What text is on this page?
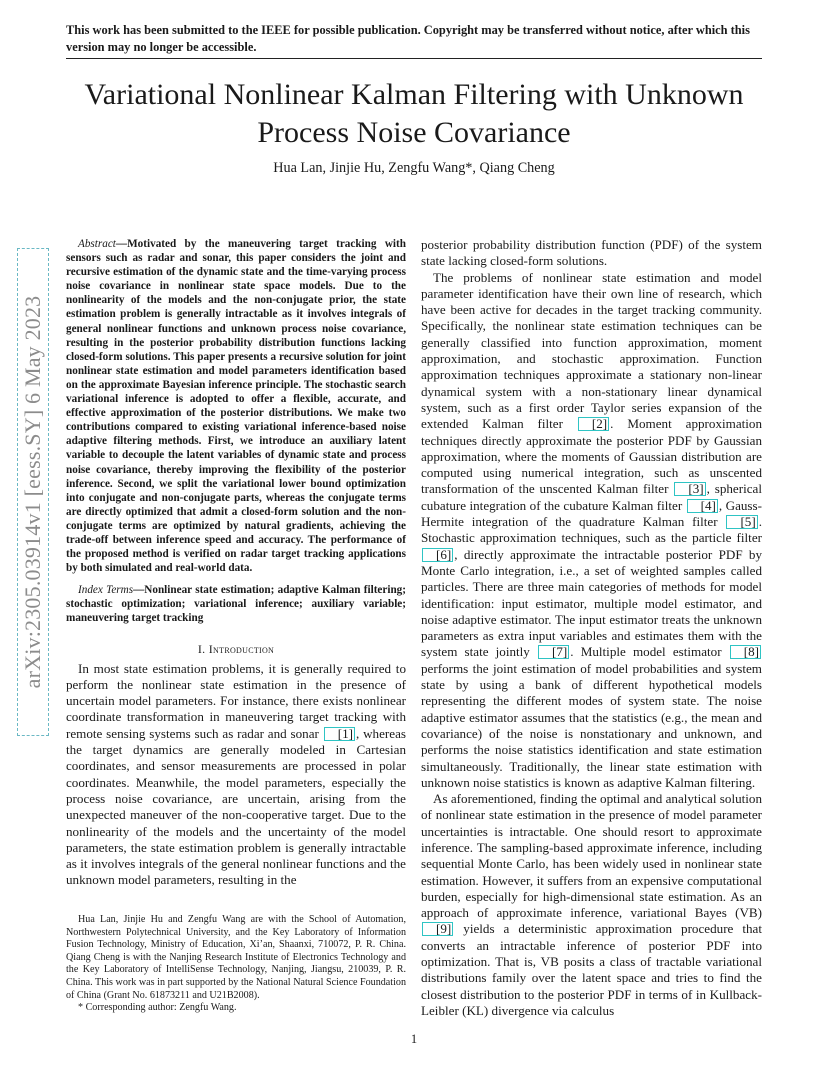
This work has been submitted to the IEEE for possible publication. Copyright may be transferred without notice, after which this version may no longer be accessible.
Variational Nonlinear Kalman Filtering with Unknown Process Noise Covariance
Hua Lan, Jinjie Hu, Zengfu Wang*, Qiang Cheng
arXiv:2305.03914v1 [eess.SY] 6 May 2023

Abstract—Motivated by the maneuvering target tracking with sensors such as radar and sonar, this paper considers the joint and recursive estimation of the dynamic state and the time-varying process noise covariance in nonlinear state space models. Due to the nonlinearity of the models and the non-conjugate prior, the state estimation problem is generally intractable as it involves integrals of general nonlinear functions and unknown process noise covariance, resulting in the posterior probability distribution functions lacking closed-form solutions. This paper presents a recursive solution for joint nonlinear state estimation and model parameters identification based on the approximate Bayesian inference principle. The stochastic search variational inference is adopted to offer a flexible, accurate, and effective approximation of the posterior distributions. We make two contributions compared to existing variational inference-based noise adaptive filtering methods. First, we introduce an auxiliary latent variable to decouple the latent variables of dynamic state and process noise covariance, thereby improving the flexibility of the posterior inference. Second, we split the variational lower bound optimization into conjugate and non-conjugate parts, whereas the conjugate terms are directly optimized that admit a closed-form solution and the non-conjugate terms are optimized by natural gradients, achieving the trade-off between inference speed and accuracy. The performance of the proposed method is verified on radar target tracking applications by both simulated and real-world data.

Index Terms—Nonlinear state estimation; adaptive Kalman filtering; stochastic optimization; variational inference; auxiliary variable; maneuvering target tracking

I. Introduction

In most state estimation problems, it is generally required to perform the nonlinear state estimation in the presence of uncertain model parameters. For instance, there exists nonlinear coordinate transformation in maneuvering target tracking with remote sensing systems such as radar and sonar [1] , whereas the target dynamics are generally modeled in Cartesian coordinates, and sensor measurements are processed in polar coordinates. Meanwhile, the model parameters, especially the process noise covariance, are uncertain, arising from the unexpected maneuver of the non-cooperative target. Due to the nonlinearity of the models and the uncertainty of the model parameters, the state estimation problem is generally intractable as it involves integrals of the general nonlinear functions and the unknown model parameters, resulting in the

Hua Lan, Jinjie Hu and Zengfu Wang are with the School of Automation, Northwestern Polytechnical University, and the Key Laboratory of Information Fusion Technology, Ministry of Education, Xi’an, Shaanxi, 710072, P. R. China. Qiang Cheng is with the Nanjing Research Institute of Electronics Technology and the Key Laboratory of IntelliSense Technology, Nanjing, Jiangsu, 210039, P. R. China. This work was in part supported by the National Natural Science Foundation of China (Grant No. 61873211 and U21B2008).

* Corresponding author: Zengfu Wang.

posterior probability distribution function (PDF) of the system state lacking closed-form solutions.

The problems of nonlinear state estimation and model parameter identification have their own line of research, which have been active for decades in the target tracking community. Specifically, the nonlinear state estimation techniques can be generally classified into function approximation, moment approximation, and stochastic approximation. Function approximation techniques approximate a stationary non-linear dynamical system with a non-stationary linear dynamical system, such as a first order Taylor series expansion of the extended Kalman filter [2] . Moment approximation techniques directly approximate the posterior PDF by Gaussian approximation, where the moments of Gaussian distribution are computed using numerical integration, such as unscented transformation of the unscented Kalman filter [3] , spherical cubature integration of the cubature Kalman filter [4] , Gauss-Hermite integration of the quadrature Kalman filter [5] . Stochastic approximation techniques, such as the particle filter [6] , directly approximate the intractable posterior PDF by Monte Carlo integration, i.e., a set of weighted samples called particles. There are three main categories of methods for model identification: input estimator, multiple model estimator, and noise adaptive estimator. The input estimator treats the unknown parameters as extra input variables and estimates them with the system state jointly [7] . Multiple model estimator [8] performs the joint estimation of model probabilities and system state by using a bank of different hypothetical models representing the different modes of system state. The noise adaptive estimator assumes that the statistics (e.g., the mean and covariance) of the noise is nonstationary and unknown, and performs the noise statistics identification and state estimation simultaneously. Traditionally, the linear state estimation with unknown noise statistics is known as adaptive Kalman filtering.

As aforementioned, finding the optimal and analytical solution of nonlinear state estimation in the presence of model parameter uncertainties is intractable. One should resort to approximate inference. The sampling-based approximate inference, including sequential Monte Carlo, has been widely used in nonlinear state estimation. However, it suffers from an expensive computational burden, especially for high-dimensional state estimation. As an approach of approximate inference, variational Bayes (VB) [9] yields a deterministic approximation procedure that converts an intractable inference of posterior PDF into optimization. That is, VB posits a class of tractable variational distributions family over the latent space and tries to find the closest distribution to the posterior PDF in terms of in Kullback-Leibler (KL) divergence via calculus

1
